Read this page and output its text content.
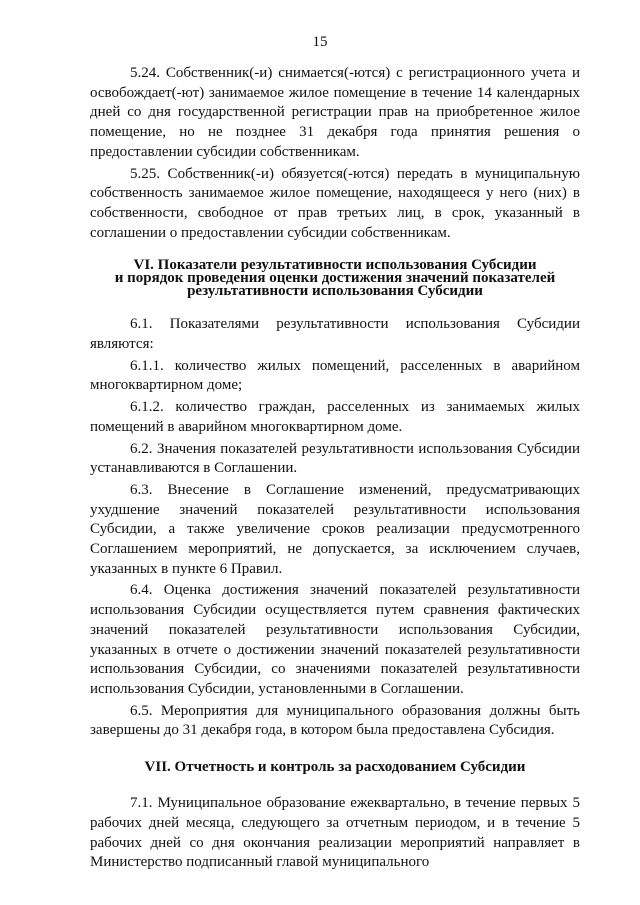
15

5.24. Собственник(-и) снимается(-ются) с регистрационного учета и освобождает(-ют) занимаемое жилое помещение в течение 14 календарных дней со дня государственной регистрации прав на приобретенное жилое помещение, но не позднее 31 декабря года принятия решения о предоставлении субсидии собственникам.

5.25. Собственник(-и) обязуется(-ются) передать в муниципальную собственность занимаемое жилое помещение, находящееся у него (них) в собственности, свободное от прав третьих лиц, в срок, указанный в соглашении о предоставлении субсидии собственникам.

VI. Показатели результативности использования Субсидии
и порядок проведения оценки достижения значений показателей
результативности использования Субсидии

6.1. Показателями результативности использования Субсидии являются:

6.1.1. количество жилых помещений, расселенных в аварийном многоквартирном доме;

6.1.2. количество граждан, расселенных из занимаемых жилых помещений в аварийном многоквартирном доме.

6.2. Значения показателей результативности использования Субсидии устанавливаются в Соглашении.

6.3. Внесение в Соглашение изменений, предусматривающих ухудшение значений показателей результативности использования Субсидии, а также увеличение сроков реализации предусмотренного Соглашением мероприятий, не допускается, за исключением случаев, указанных в пункте 6 Правил.

6.4. Оценка достижения значений показателей результативности использования Субсидии осуществляется путем сравнения фактических значений показателей результативности использования Субсидии, указанных в отчете о достижении значений показателей результативности использования Субсидии, со значениями показателей результативности использования Субсидии, установленными в Соглашении.

6.5. Мероприятия для муниципального образования должны быть завершены до 31 декабря года, в котором была предоставлена Субсидия.

VII. Отчетность и контроль за расходованием Субсидии

7.1. Муниципальное образование ежеквартально, в течение первых 5 рабочих дней месяца, следующего за отчетным периодом, и в течение 5 рабочих дней со дня окончания реализации мероприятий направляет в Министерство подписанный главой муниципального
